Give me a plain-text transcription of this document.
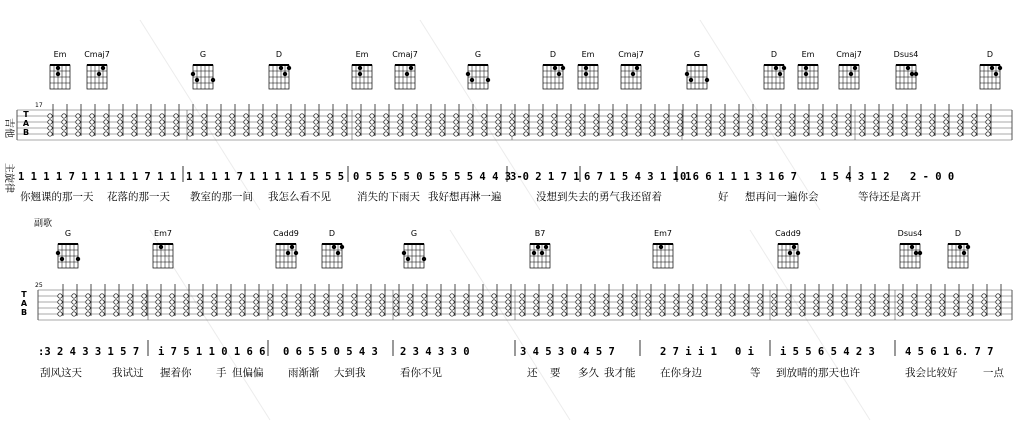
Em Cmaj7	G	D	Em	Cmaj7	G	D	Em	Cmaj7	G	D	Em	Cmaj7	Dsus4	D
吉他
主旋律
17
T
A
B
1 1 1 1 7 1 1 1 1 1 7 1 1 1 1 1 1 7 1 1 1 1 1 5 5 5 0 5 5 5 5 0 5 5 5 5 4 4 3
3-0 2 1 7 1 6 7 1 5 4 3 1 1 1
0 6 6 1 1 1 3 1 6 7 1 5 4 3 1 2 2 - 0 0
你翘课的那一天 花落的那一天 教室的那一间 我怎么看不见 消失的下雨天 我好想再淋一遍	没想到失去的勇气我还留着	好 想再问一遍你会	等待还是离开
副歌
G	Em7	Cadd9	D	G	B7	Em7	Cadd9	Dsus4	D
25
T
A
B
:3 2 4 3 3 1 5 7 i 7 5 1 1 0 1 6 6 0 6 5 5 0 5 4 3 2 3 4 3 3 0	3 4 5 3 0 4 5 7	2 7 i i 1 0 i i 5 5 6 5 4 2 3	4 5 6 1 6. 7 7
刮风这天	我试过 握着你 手 但偏偏 雨渐渐 大到我	看你不见	还 要 多久 我才能 在你身边	等 到放晴的那天也许	我会比较好 一点
